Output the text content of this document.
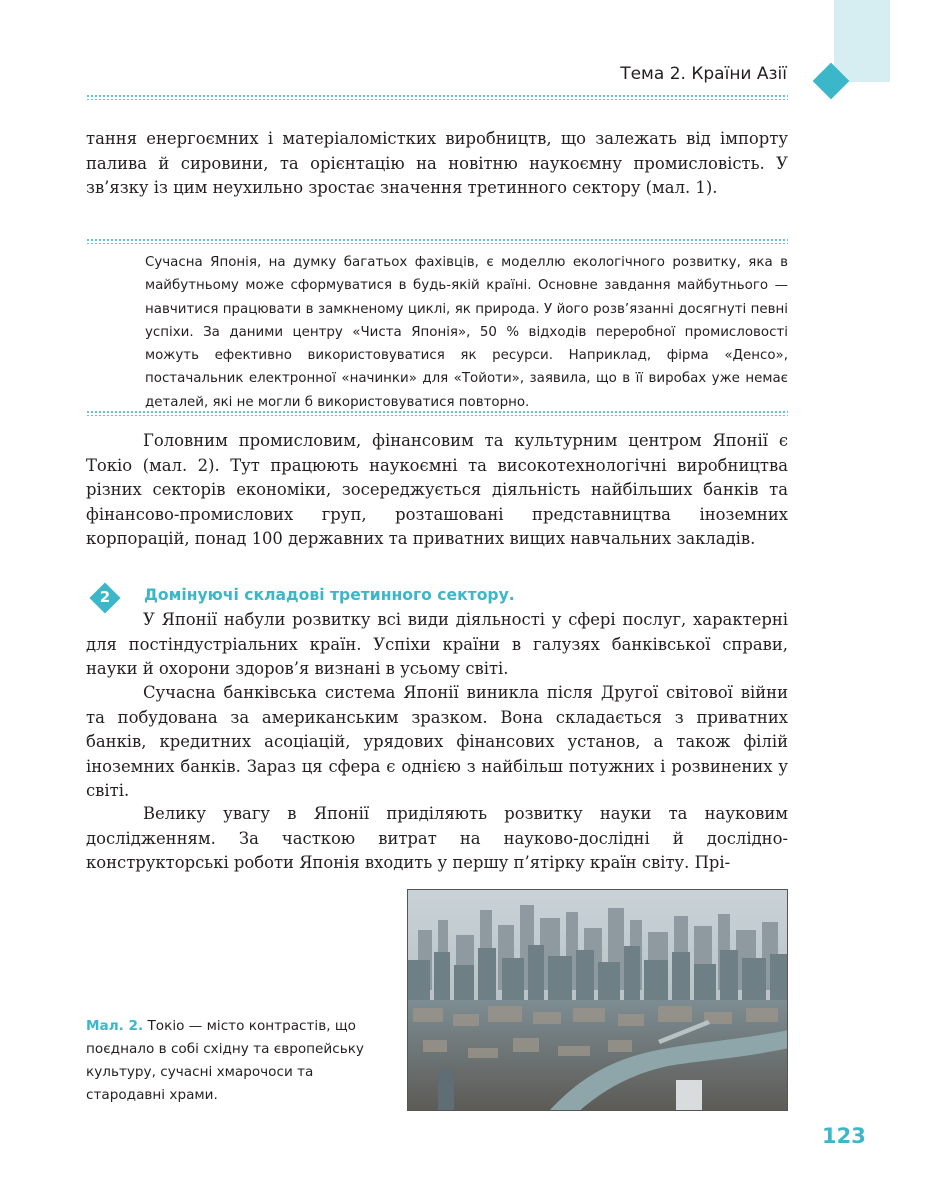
Тема 2. Країни Азії

тання енергоємних і матеріаломістких виробництв, що залежать від імпорту палива й сировини, та орієнтацію на новітню наукоємну промисловість. У зв’язку із цим неухильно зростає значення третинного сектору (мал. 1).

Сучасна Японія, на думку багатьох фахівців, є моделлю екологічного розвитку, яка в майбутньому може сформуватися в будь-якій країні. Основне завдання майбутнього — навчитися працювати в замкненому циклі, як природа. У його розв’язанні досягнуті певні успіхи. За даними центру «Чиста Японія», 50 % відходів переробної промисловості можуть ефективно використовуватися як ресурси. Наприклад, фірма «Денсо», постачальник електронної «начинки» для «Тойоти», заявила, що в її виробах уже немає деталей, які не могли б використовуватися повторно.

Головним промисловим, фінансовим та культурним центром Японії є Токіо (мал. 2). Тут працюють наукоємні та високотехнологічні виробництва різних секторів економіки, зосереджується діяльність найбільших банків та фінансово-промислових груп, розташовані представництва іноземних корпорацій, понад 100 державних та приватних вищих навчальних закладів.

2	Домінуючі складові третинного сектору.

У Японії набули розвитку всі види діяльності у сфері послуг, характерні для постіндустріальних країн. Успіхи країни в галузях банківської справи, науки й охорони здоров’я визнані в усьому світі.

Сучасна банківська система Японії виникла після Другої світової війни та побудована за американським зразком. Вона складається з приватних банків, кредитних асоціацій, урядових фінансових установ, а також філій іноземних банків. Зараз ця сфера є однією з найбільш потужних і розвинених у світі.

Велику увагу в Японії приділяють розвитку науки та науковим дослідженням. За часткою витрат на науково-дослідні й дослідно-конструкторські роботи Японія входить у першу п’ятірку країн світу. Прі-

Мал. 2. Токіо — місто контрастів, що поєднало в собі східну та європейську культуру, сучасні хмарочоси та стародавні храми.

123
